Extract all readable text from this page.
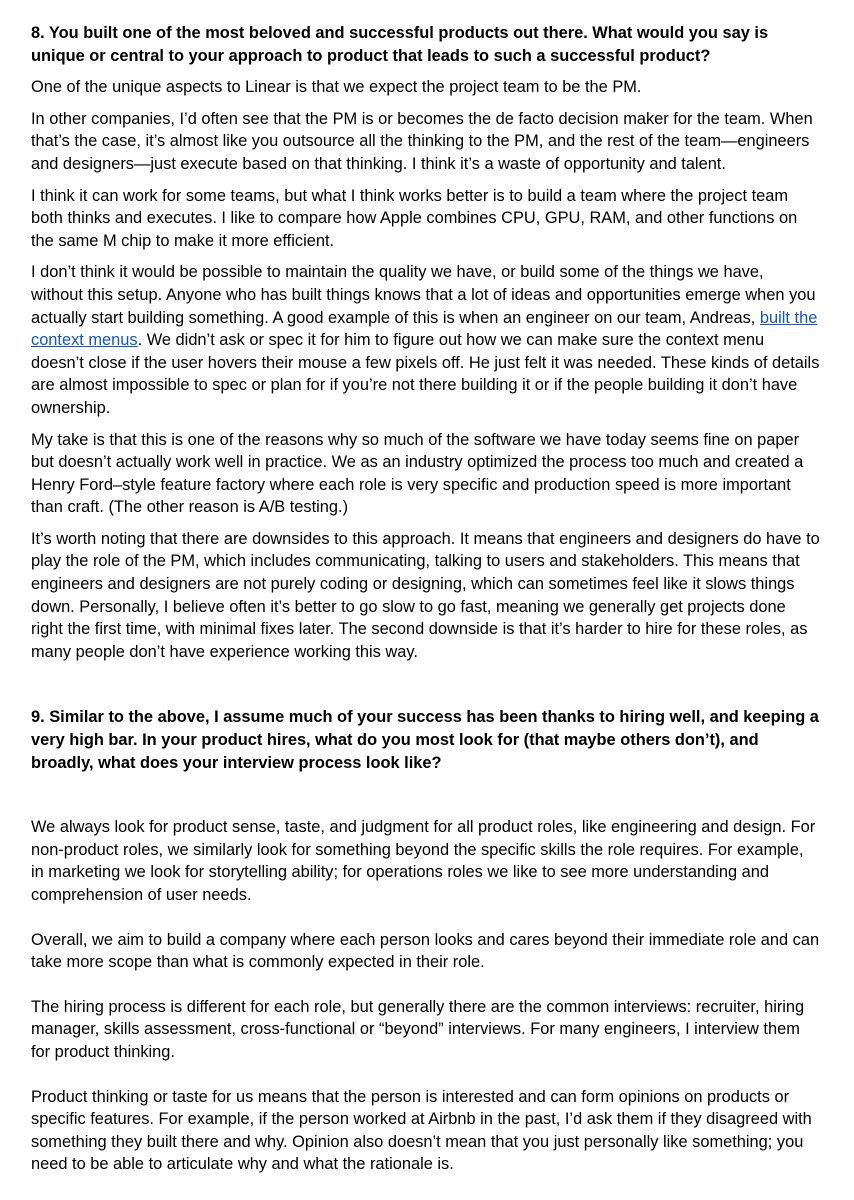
8. You built one of the most beloved and successful products out there. What would you say is unique or central to your approach to product that leads to such a successful product?

One of the unique aspects to Linear is that we expect the project team to be the PM.

In other companies, I’d often see that the PM is or becomes the de facto decision maker for the team. When that’s the case, it’s almost like you outsource all the thinking to the PM, and the rest of the team—engineers and designers—just execute based on that thinking. I think it’s a waste of opportunity and talent.

I think it can work for some teams, but what I think works better is to build a team where the project team both thinks and executes. I like to compare how Apple combines CPU, GPU, RAM, and other functions on the same M chip to make it more efficient.

I don’t think it would be possible to maintain the quality we have, or build some of the things we have, without this setup. Anyone who has built things knows that a lot of ideas and opportunities emerge when you actually start building something. A good example of this is when an engineer on our team, Andreas, built the context menus. We didn’t ask or spec it for him to figure out how we can make sure the context menu doesn’t close if the user hovers their mouse a few pixels off. He just felt it was needed. These kinds of details are almost impossible to spec or plan for if you’re not there building it or if the people building it don’t have ownership.

My take is that this is one of the reasons why so much of the software we have today seems fine on paper but doesn’t actually work well in practice. We as an industry optimized the process too much and created a Henry Ford–style feature factory where each role is very specific and production speed is more important than craft. (The other reason is A/B testing.)

It’s worth noting that there are downsides to this approach. It means that engineers and designers do have to play the role of the PM, which includes communicating, talking to users and stakeholders. This means that engineers and designers are not purely coding or designing, which can sometimes feel like it slows things down. Personally, I believe often it’s better to go slow to go fast, meaning we generally get projects done right the first time, with minimal fixes later. The second downside is that it’s harder to hire for these roles, as many people don’t have experience working this way.

9. Similar to the above, I assume much of your success has been thanks to hiring well, and keeping a very high bar. In your product hires, what do you most look for (that maybe others don’t), and broadly, what does your interview process look like?

We always look for product sense, taste, and judgment for all product roles, like engineering and design. For non-product roles, we similarly look for something beyond the specific skills the role requires. For example, in marketing we look for storytelling ability; for operations roles we like to see more understanding and comprehension of user needs.

Overall, we aim to build a company where each person looks and cares beyond their immediate role and can take more scope than what is commonly expected in their role.

The hiring process is different for each role, but generally there are the common interviews: recruiter, hiring manager, skills assessment, cross-functional or “beyond” interviews. For many engineers, I interview them for product thinking.

Product thinking or taste for us means that the person is interested and can form opinions on products or specific features. For example, if the person worked at Airbnb in the past, I’d ask them if they disagreed with something they built there and why. Opinion also doesn’t mean that you just personally like something; you need to be able to articulate why and what the rationale is.
